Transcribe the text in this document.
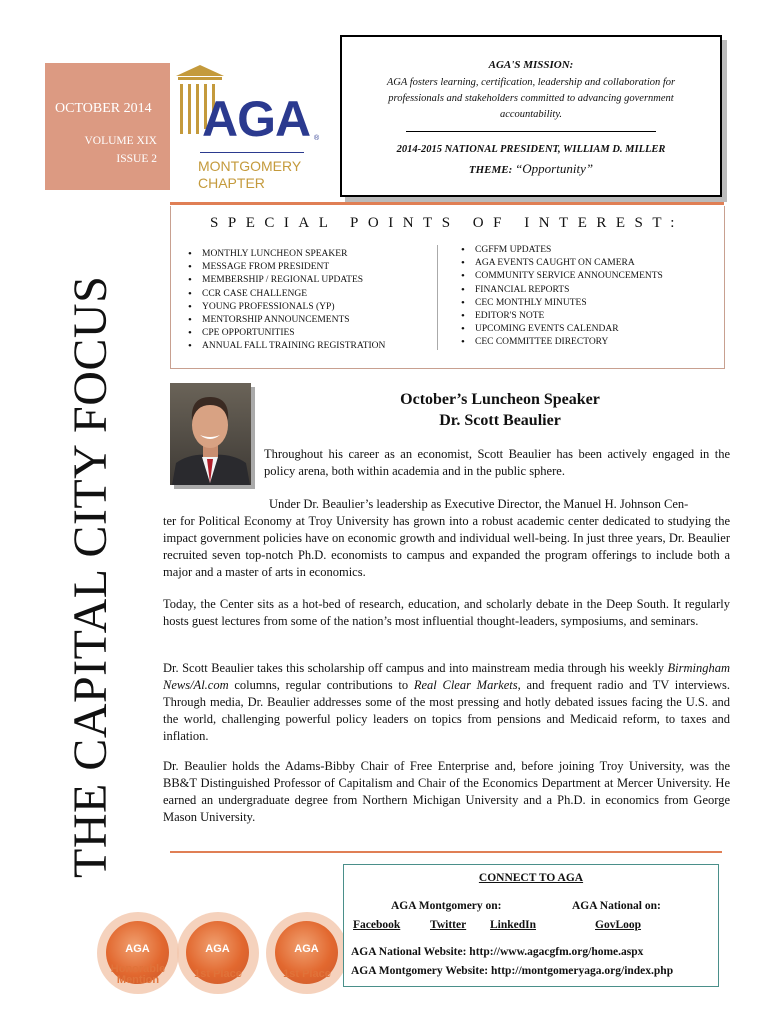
OCTOBER 2014
VOLUME XIX
ISSUE 2
AGA ®
MONTGOMERY
CHAPTER
AGA'S MISSION:
AGA fosters learning, certification, leadership and collaboration for professionals and stakeholders committed to advancing government accountability.
2014-2015 NATIONAL PRESIDENT, WILLIAM D. MILLER
THEME: “Opportunity”
THE CAPITAL CITY FOCUS
SPECIAL POINTS OF INTEREST:
• MONTHLY LUNCHEON SPEAKER
• MESSAGE FROM PRESIDENT
• MEMBERSHIP / REGIONAL UPDATES
• CCR CASE CHALLENGE
• YOUNG PROFESSIONALS (YP)
• MENTORSHIP ANNOUNCEMENTS
• CPE OPPORTUNITIES
• ANNUAL FALL TRAINING REGISTRATION
• CGFFM UPDATES
• AGA EVENTS CAUGHT ON CAMERA
• COMMUNITY SERVICE ANNOUNCEMENTS
• FINANCIAL REPORTS
• CEC MONTHLY MINUTES
• EDITOR'S NOTE
• UPCOMING EVENTS CALENDAR
• CEC COMMITTEE DIRECTORY
October’s Luncheon Speaker
Dr. Scott Beaulier

Throughout his career as an economist, Scott Beaulier has been actively engaged in the policy arena, both within academia and in the public sphere.

Under Dr. Beaulier’s leadership as Executive Director, the Manuel H. Johnson Cen-

ter for Political Economy at Troy University has grown into a robust academic center dedicated to studying the impact government policies have on economic growth and individual well-being. In just three years, Dr. Beaulier recruited seven top-notch Ph.D. economists to campus and expanded the program offerings to include both a major and a master of arts in economics.

Today, the Center sits as a hot-bed of research, education, and scholarly debate in the Deep South. It regularly hosts guest lectures from some of the nation’s most influential thought-leaders, symposiums, and seminars.

Dr. Scott Beaulier takes this scholarship off campus and into mainstream media through his weekly Birmingham News/Al.com columns, regular contributions to Real Clear Markets, and frequent radio and TV interviews. Through media, Dr. Beaulier addresses some of the most pressing and hotly debated issues facing the U.S. and the world, challenging powerful policy leaders on topics from pensions and Medicaid reform, to taxes and inflation.

Dr. Beaulier holds the Adams-Bibby Chair of Free Enterprise and, before joining Troy University, was the BB&T Distinguished Professor of Capitalism and Chair of the Economics Department at Mercer University. He earned an undergraduate degree from Northern Michigan University and a Ph.D. in economics from George Mason University.

AGA
Honorable
Mention
AGA
1st Place
AGA
1st Place
CONNECT TO AGA
AGA Montgomery on:	AGA National on:
Facebook	Twitter LinkedIn	GovLoop
AGA National Website: http://www.agacgfm.org/home.aspx
AGA Montgomery Website: http://montgomeryaga.org/index.php
